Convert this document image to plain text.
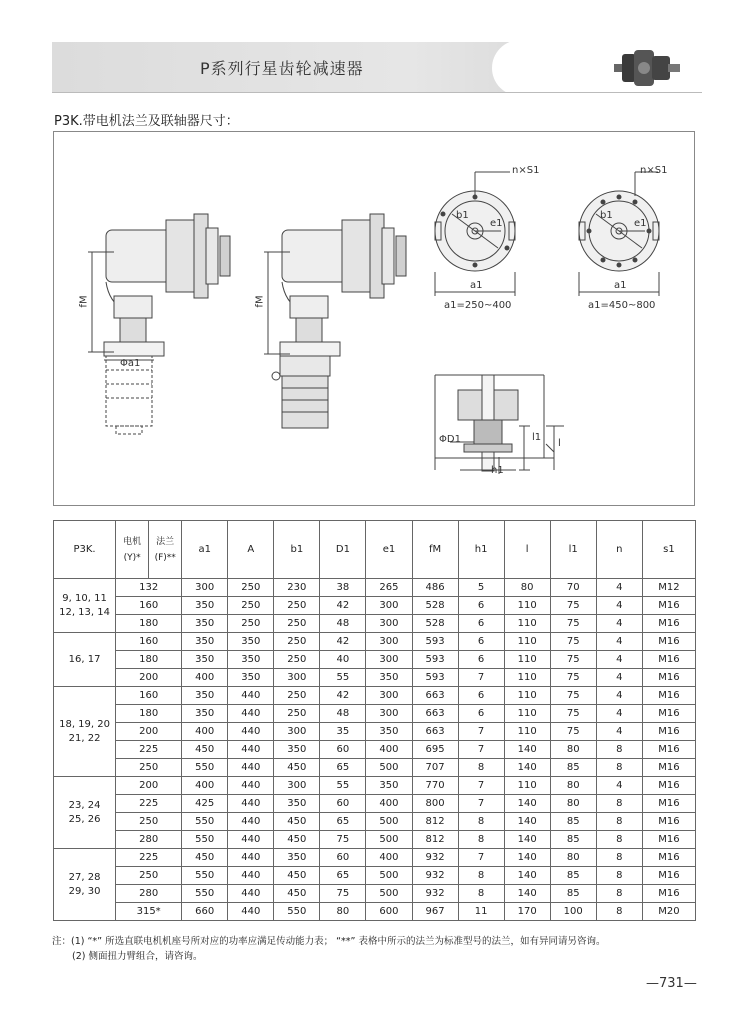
P系列行星齿轮减速器
P3K.带电机法兰及联轴器尺寸：
fM	fM
Φa1
n×S1	n×S1
b1
e1
b1
e1
a1	a1
a1=250~400	a1=450~800
ΦD1	l1
l
h1
P3K.	电机
(Y)*	法兰
(F)**	a1	A	b1	D1	e1	fM	h1	l	l1	n	s1
9, 10, 11
12, 13, 14	132		300	250	230	38	265	486	5	80	70	4	M12
	160		350	250	250	42	300	528	6	110	75	4	M16
	180		350	250	250	48	300	528	6	110	75	4	M16
16, 17	160		350	350	250	42	300	593	6	110	75	4	M16
	180		350	350	250	40	300	593	6	110	75	4	M16
	200		400	350	300	55	350	593	7	110	75	4	M16
18, 19, 20
21, 22	160		350	440	250	42	300	663	6	110	75	4	M16
	180		350	440	250	48	300	663	6	110	75	4	M16
	200		400	440	300	35	350	663	7	110	75	4	M16
	225		450	440	350	60	400	695	7	140	80	8	M16
	250		550	440	450	65	500	707	8	140	85	8	M16
23, 24
25, 26	200		400	440	300	55	350	770	7	110	80	4	M16
	225		425	440	350	60	400	800	7	140	80	8	M16
	250		550	440	450	65	500	812	8	140	85	8	M16
	280		550	440	450	75	500	812	8	140	85	8	M16
27, 28
29, 30	225		450	440	350	60	400	932	7	140	80	8	M16
	250		550	440	450	65	500	932	8	140	85	8	M16
	280		550	440	450	75	500	932	8	140	85	8	M16
	315*		660	440	550	80	600	967	11	170	100	8	M20
注：(1) “*” 所选直联电机机座号所对应的功率应满足传动能力表； “**” 表格中所示的法兰为标准型号的法兰，如有异同请另咨询。
(2) 侧面扭力臂组合，请咨询。
—731—
